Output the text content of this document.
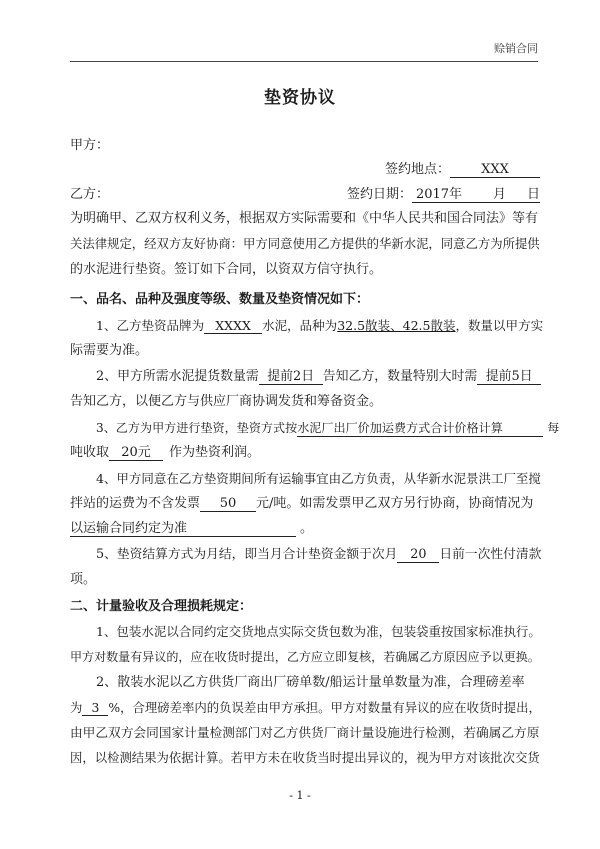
赊销合同
垫资协议
甲方：
签约地点： XXX
乙方：	签约日期： 2017年 月 日
为明确甲、乙双方权利义务，根据双方实际需要和《中华人民共和国合同法》等有
关法律规定，经双方友好协商：甲方同意使用乙方提供的华新水泥，同意乙方为所提供
的水泥进行垫资。签订如下合同，以资双方信守执行。
一、品名、品种及强度等级、数量及垫资情况如下：
1、乙方垫资品牌为 XXXX 水泥，品种为32.5散装、42.5散装，数量以甲方实
际需要为准。
2、甲方所需水泥提货数量需 提前2日 告知乙方，数量特别大时需 提前5日
告知乙方，以便乙方与供应厂商协调发货和筹备资金。
3、乙方为甲方进行垫资，垫资方式按水泥厂出厂价加运费方式合计价格计算	每
吨收取 20元 作为垫资利润。
4、甲方同意在乙方垫资期间所有运输事宜由乙方负责，从华新水泥景洪工厂至搅
拌站的运费为不含发票 50 元/吨。如需发票甲乙双方另行协商，协商情况为
以运输合同约定为准	。
5、垫资结算方式为月结，即当月合计垫资金额于次月 20 日前一次性付清款
项。
二、计量验收及合理损耗规定：
1、包装水泥以合同约定交货地点实际交货包数为准，包装袋重按国家标准执行。
甲方对数量有异议的，应在收货时提出，乙方应立即复核，若确属乙方原因应予以更换。
2、散装水泥以乙方供货厂商出厂磅单数/船运计量单数量为准，合理磅差率
为 3 %，合理磅差率内的负误差由甲方承担。甲方对数量有异议的应在收货时提出，
由甲乙双方会同国家计量检测部门对乙方供货厂商计量设施进行检测，若确属乙方原
因，以检测结果为依据计算。若甲方未在收货当时提出异议的，视为甲方对该批次交货
- 1 -
